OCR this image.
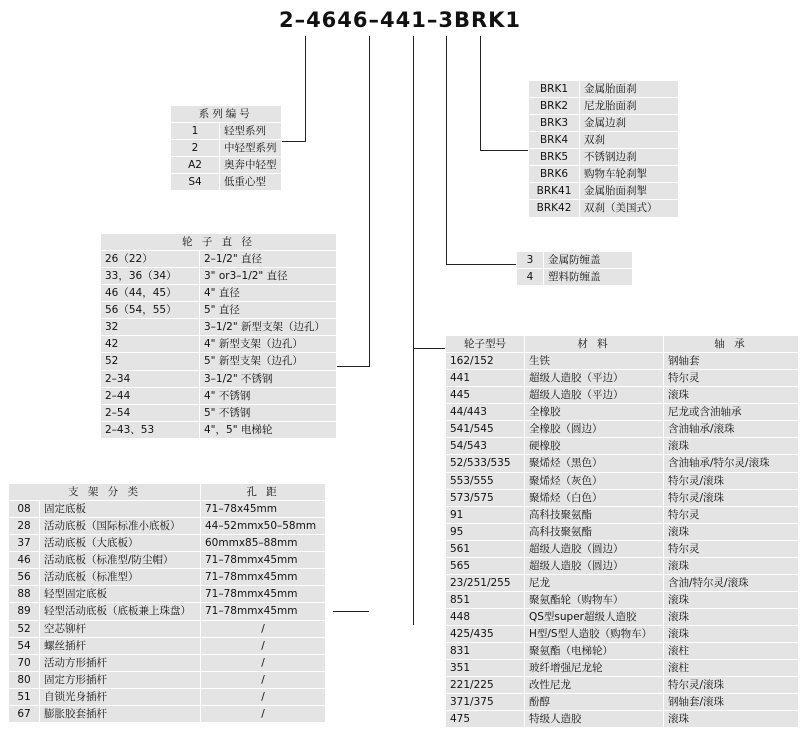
2–4646–441–3BRK1
系列编号	
1	轻型系列
2	中轻型系列
A2	奥奔中轻型
S4	低重心型
BRK1	金属胎面刹
BRK2	尼龙胎面刹
BRK3	金属边刹
BRK4	双刹
BRK5	不锈钢边刹
BRK6	购物车轮刹掣
BRK41	金属胎面刹掣
BRK42	双刹（美国式）
3	金属防缠盖
4	塑料防缠盖
轮 子 直 径	
26（22）	2–1/2" 直径
33，36（34）	3" or3–1/2" 直径
46（44，45）	4" 直径
56（54，55）	5" 直径
32	3–1/2" 新型支架（边孔）
42	4" 新型支架（边孔）
52	5" 新型支架（边孔）
2–34	3–1/2" 不锈钢
2–44	4" 不锈钢
2–54	5" 不锈钢
2–43、53	4"，5" 电梯轮
支 架 分 类		孔 距
08	固定底板	71–78x45mm
28	活动底板（国际标准小底板）	44–52mmx50–58mm
37	活动底板（大底板）	60mmx85–88mm
46	活动底板（标准型/防尘帽）	71–78mmx45mm
56	活动底板（标准型）	71–78mmx45mm
88	轻型固定底板	71–78mmx45mm
89	轻型活动底板（底板兼上珠盘）	71–78mmx45mm
52	空芯铆杆	/
54	螺丝插杆	/
70	活动方形插杆	/
80	固定方形插杆	/
51	自锁光身插杆	/
67	膨胀胶套插杆	/
轮子型号	材 料	轴 承
162/152	生铁	钢轴套
441	超级人造胶（平边）	特尔灵
445	超级人造胶（平边）	滚珠
44/443	全橡胶	尼龙或含油轴承
541/545	全橡胶（圆边）	含油轴承/滚珠
54/543	硬橡胶	滚珠
52/533/535	聚烯烃（黑色）	含油轴承/特尔灵/滚珠
553/555	聚烯烃（灰色）	特尔灵/滚珠
573/575	聚烯烃（白色）	特尔灵/滚珠
91	高科技聚氨酯	特尔灵
95	高科技聚氨酯	滚珠
561	超级人造胶（圆边）	特尔灵
565	超级人造胶（圆边）	滚珠
23/251/255	尼龙	含油/特尔灵/滚珠
851	聚氨酯轮（购物车）	滚珠
448	QS型super超级人造胶	滚珠
425/435	H型/S型人造胶（购物车）	滚珠
831	聚氨酯（电梯轮）	滚柱
351	玻纤增强尼龙轮	滚柱
221/225	改性尼龙	特尔灵/滚珠
371/375	酚醇	钢轴套/滚珠
475	特级人造胶	滚珠
